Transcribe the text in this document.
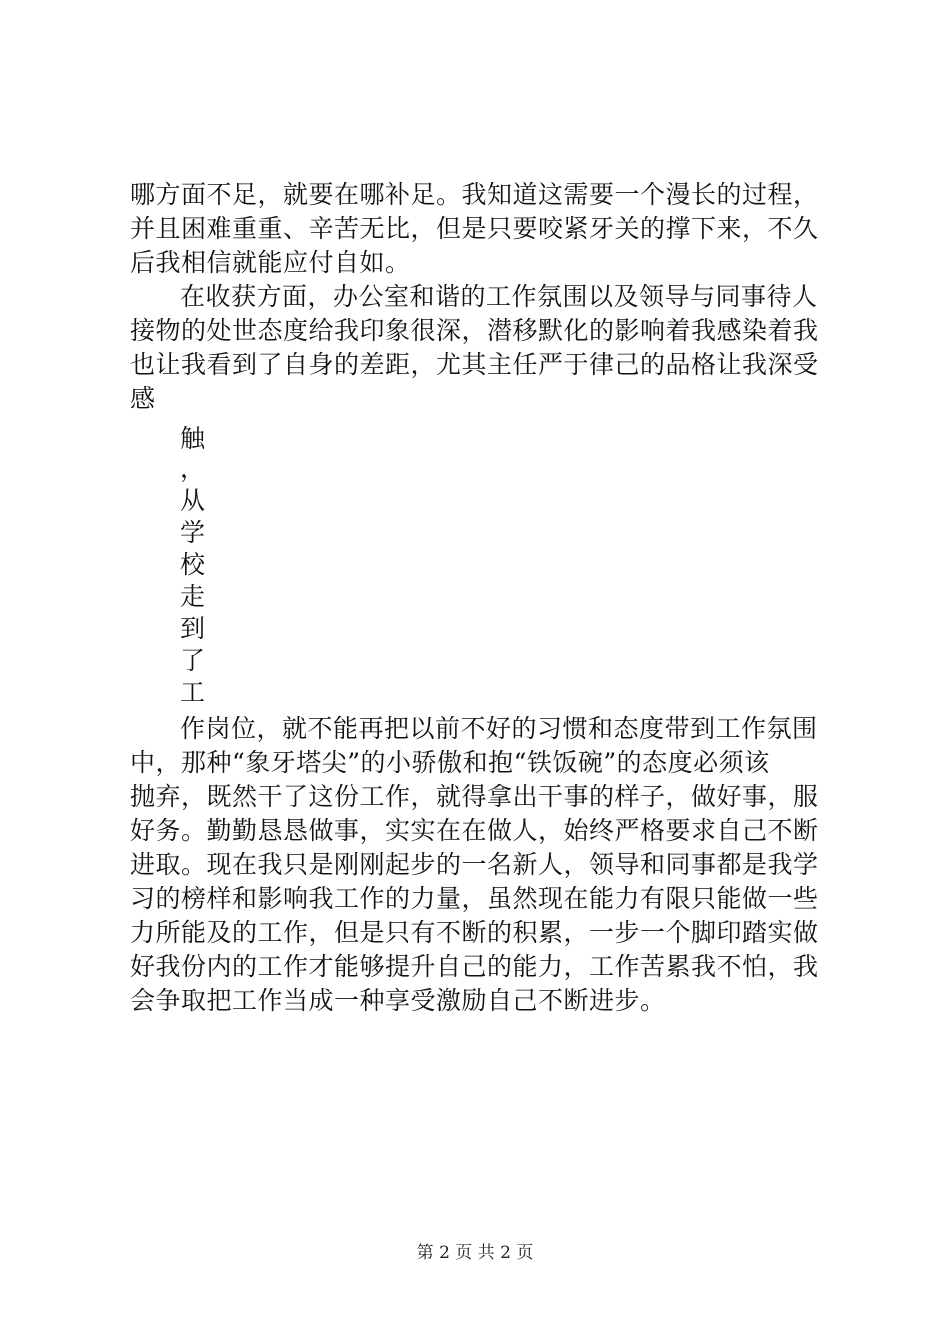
哪方面不足，就要在哪补足。我知道这需要一个漫长的过程，
并且困难重重、辛苦无比，但是只要咬紧牙关的撑下来，不久
后我相信就能应付自如。
在收获方面，办公室和谐的工作氛围以及领导与同事待人
接物的处世态度给我印象很深，潜移默化的影响着我感染着我
也让我看到了自身的差距，尤其主任严于律己的品格让我深受
感
触
，
从
学
校
走
到
了
工
作岗位，就不能再把以前不好的习惯和态度带到工作氛围
中，那种“象牙塔尖”的小骄傲和抱“铁饭碗”的态度必须该
抛弃，既然干了这份工作，就得拿出干事的样子，做好事，服
好务。勤勤恳恳做事，实实在在做人，始终严格要求自己不断
进取。现在我只是刚刚起步的一名新人，领导和同事都是我学
习的榜样和影响我工作的力量，虽然现在能力有限只能做一些
力所能及的工作，但是只有不断的积累，一步一个脚印踏实做
好我份内的工作才能够提升自己的能力，工作苦累我不怕，我
会争取把工作当成一种享受激励自己不断进步。
第 2 页 共 2 页
